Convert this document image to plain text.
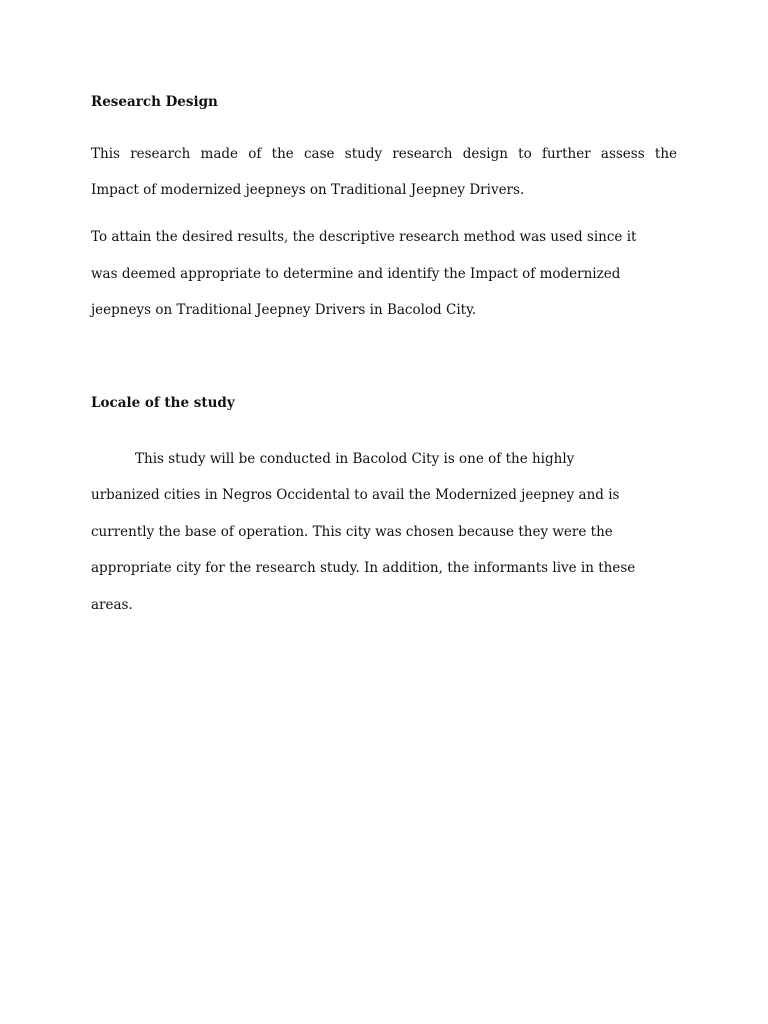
Research Design

This research made of the case study research design to further assess the

Impact of modernized jeepneys on Traditional Jeepney Drivers.

To attain the desired results, the descriptive research method was used since it

was deemed appropriate to determine and identify the Impact of modernized

jeepneys on Traditional Jeepney Drivers in Bacolod City.

Locale of the study

This study will be conducted in Bacolod City is one of the highly

urbanized cities in Negros Occidental to avail the Modernized jeepney and is

currently the base of operation. This city was chosen because they were the

appropriate city for the research study. In addition, the informants live in these

areas.
